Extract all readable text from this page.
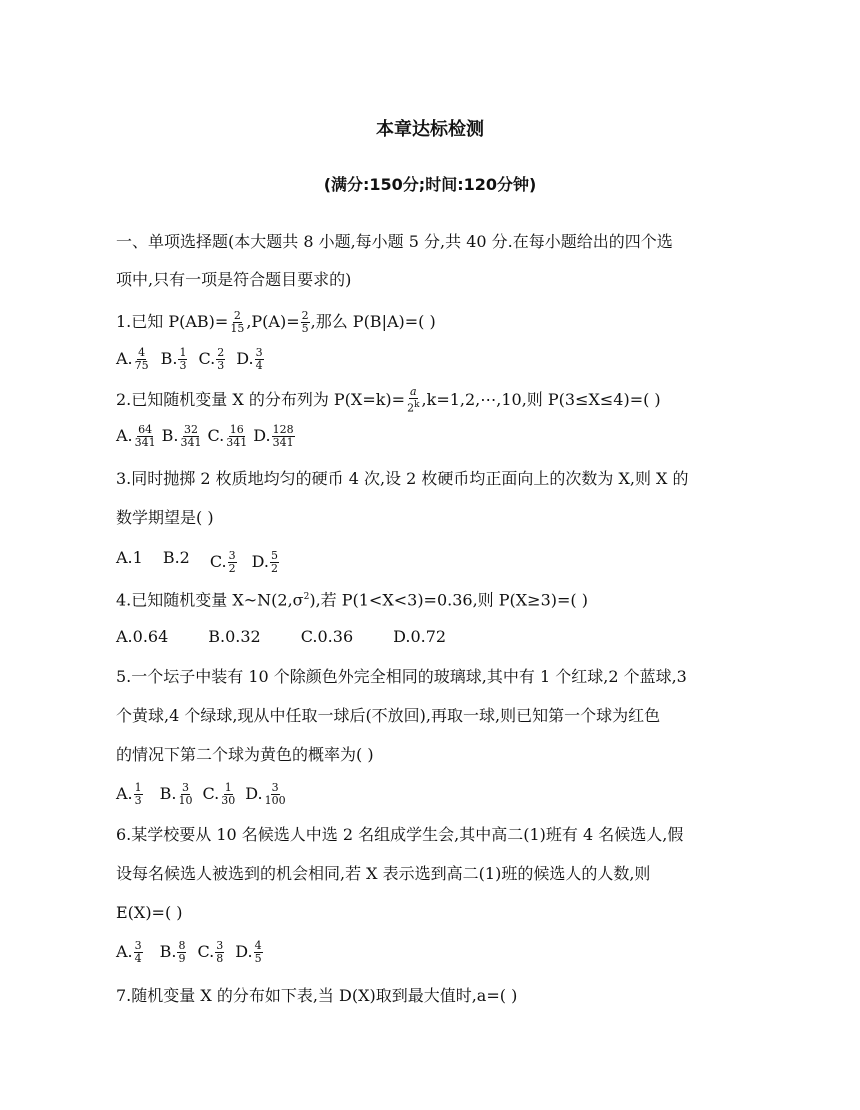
本章达标检测
(满分:150分;时间:120分钟)
一、单项选择题(本大题共 8 小题,每小题 5 分,共 40 分.在每小题给出的四个选
项中,只有一项是符合题目要求的)
1.已知 $P(AB)= \frac{2}{15} ,P(A)= \frac{2}{5}$ ,那么 P(B|A)=( )
A. $\frac{4}{75} B$. $\frac{1}{3} C$. $\frac{2}{3} D$. $\frac{3}{4}$
2.已知随机变量 X 的分布列为 $P(X=k)= \frac{a}{2^k}$ ,k=1,2,⋯,10,则 P(3≤X≤4)=( )
A. $\frac{64}{341} B$. $\frac{32}{341} C$. $\frac{16}{341} D$. $\frac{128}{341}$
3.同时抛掷 2 枚质地均匀的硬币 4 次,设 2 枚硬币均正面向上的次数为 X,则 X 的
数学期望是( )
A.1 B.2 C. $\frac{3}{2} D$. $\frac{5}{2}$
4.已知随机变量 $X\sim N(2,\sigma^2)$,若 P(1<X<3)=0.36,则 P(X≥3)=( )
A.0.64	B.0.32	C.0.36	D.0.72
5.一个坛子中装有 10 个除颜色外完全相同的玻璃球,其中有 1 个红球,2 个蓝球,3
个黄球,4 个绿球,现从中任取一球后(不放回),再取一球,则已知第一个球为红色
的情况下第二个球为黄色的概率为( )
A. $\frac{1}{3} B$. $\frac{3}{10} C$. $\frac{1}{30} D$. $\frac{3}{100}$
6.某学校要从 10 名候选人中选 2 名组成学生会,其中高二(1)班有 4 名候选人,假
设每名候选人被选到的机会相同,若 X 表示选到高二(1)班的候选人的人数,则
E(X)=( )
A. $\frac{3}{4} B$. $\frac{8}{9} C$. $\frac{3}{8} D$. $\frac{4}{5}$
7.随机变量 X 的分布如下表,当 D(X)取到最大值时,a=( )
